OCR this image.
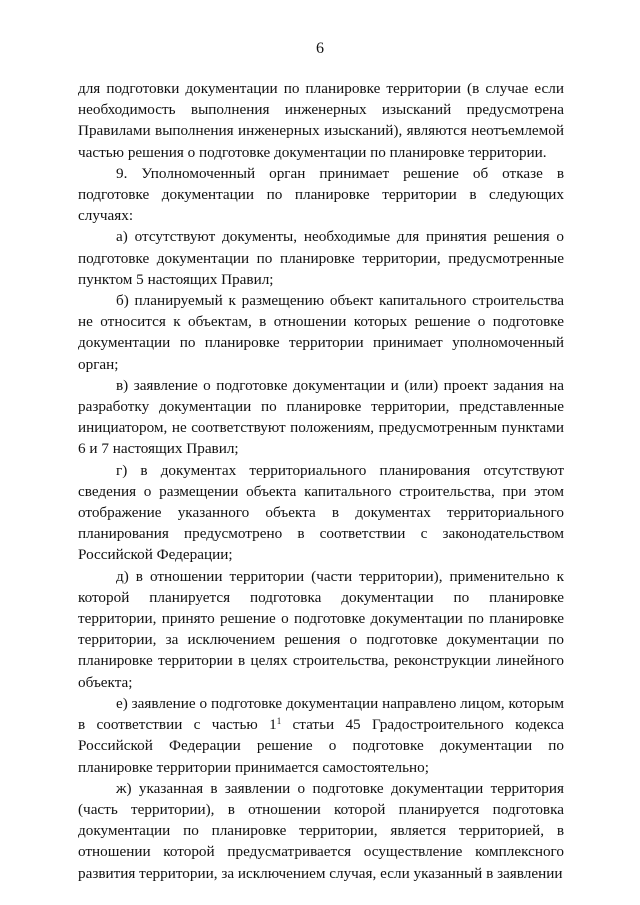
6

для подготовки документации по планировке территории (в случае если необходимость выполнения инженерных изысканий предусмотрена Правилами выполнения инженерных изысканий), являются неотъемлемой частью решения о подготовке документации по планировке территории.

9. Уполномоченный орган принимает решение об отказе в подготовке документации по планировке территории в следующих случаях:

а) отсутствуют документы, необходимые для принятия решения о подготовке документации по планировке территории, предусмотренные пунктом 5 настоящих Правил;

б) планируемый к размещению объект капитального строительства не относится к объектам, в отношении которых решение о подготовке документации по планировке территории принимает уполномоченный орган;

в) заявление о подготовке документации и (или) проект задания на разработку документации по планировке территории, представленные инициатором, не соответствуют положениям, предусмотренным пунктами 6 и 7 настоящих Правил;

г) в документах территориального планирования отсутствуют сведения о размещении объекта капитального строительства, при этом отображение указанного объекта в документах территориального планирования предусмотрено в соответствии с законодательством Российской Федерации;

д) в отношении территории (части территории), применительно к которой планируется подготовка документации по планировке территории, принято решение о подготовке документации по планировке территории, за исключением решения о подготовке документации по планировке территории в целях строительства, реконструкции линейного объекта;

е) заявление о подготовке документации направлено лицом, которым в соответствии с частью $1^1$ статьи 45 Градостроительного кодекса Российской Федерации решение о подготовке документации по планировке территории принимается самостоятельно;

ж) указанная в заявлении о подготовке документации территория (часть территории), в отношении которой планируется подготовка документации по планировке территории, является территорией, в отношении которой предусматривается осуществление комплексного развития территории, за исключением случая, если указанный в заявлении
